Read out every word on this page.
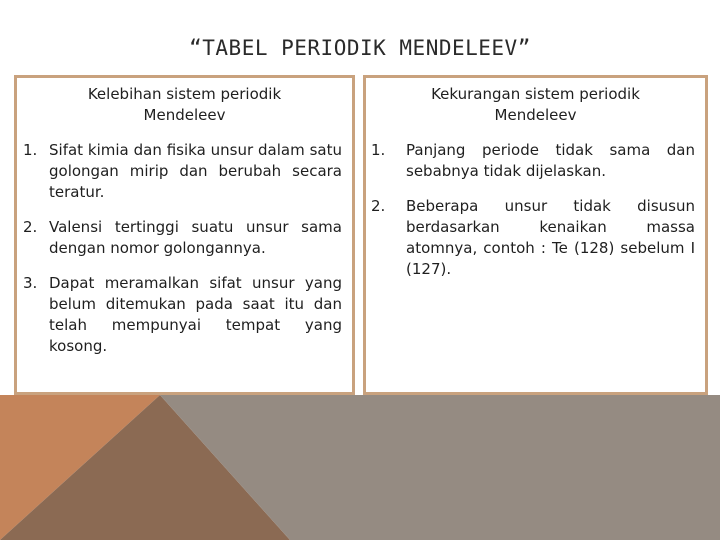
“TABEL PERIODIK MENDELEEV”
Kelebihan sistem periodik
Mendeleev
1. Sifat kimia dan fisika unsur dalam satu golongan mirip dan berubah secara teratur.
2. Valensi tertinggi suatu unsur sama dengan nomor golongannya.
3. Dapat meramalkan sifat unsur yang belum ditemukan pada saat itu dan telah mempunyai tempat yang kosong.
Kekurangan sistem periodik
Mendeleev
1. Panjang periode tidak sama dan sebabnya tidak dijelaskan.
2. Beberapa unsur tidak disusun berdasarkan kenaikan massa atomnya, contoh : Te (128) sebelum I (127).
